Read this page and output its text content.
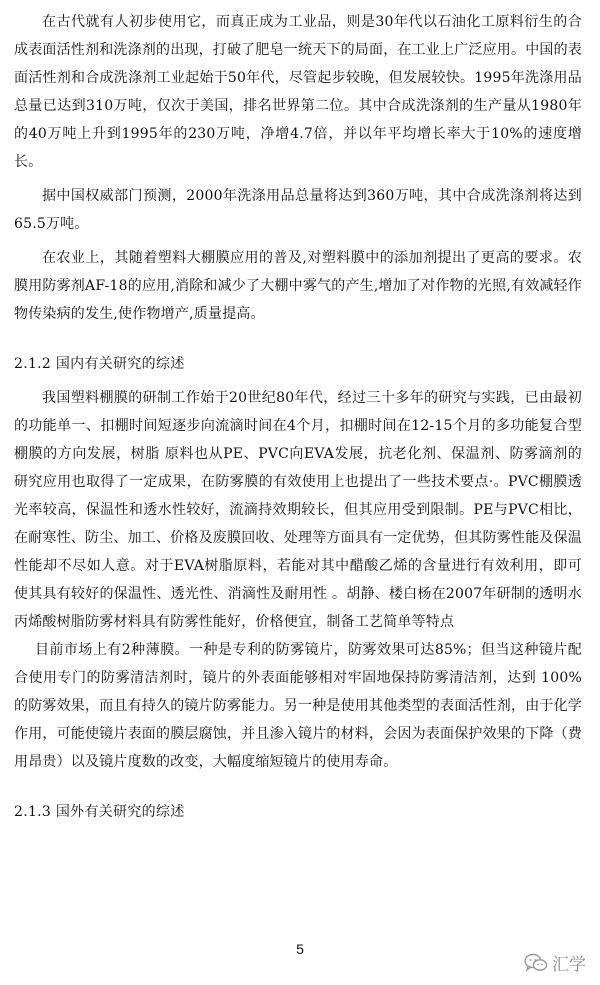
在古代就有人初步使用它，而真正成为工业品，则是30年代以石油化工原料衍生的合成表面活性剂和洗涤剂的出现，打破了肥皂一统天下的局面，在工业上广泛应用。中国的表面活性剂和合成洗涤剂工业起始于50年代，尽管起步较晚，但发展较快。1995年洗涤用品总量已达到310万吨，仅次于美国，排名世界第二位。其中合成洗涤剂的生产量从1980年的40万吨上升到1995年的230万吨，净增4.7倍，并以年平均增长率大于10%的速度增长。

据中国权威部门预测，2000年洗涤用品总量将达到360万吨，其中合成洗涤剂将达到65.5万吨。

在农业上，其随着塑料大棚膜应用的普及,对塑料膜中的添加剂提出了更高的要求。农膜用防雾剂AF-18的应用,消除和减少了大棚中雾气的产生,增加了对作物的光照,有效减轻作物传染病的发生,使作物增产,质量提高。

2.1.2 国内有关研究的综述

我国塑料棚膜的研制工作始于20世纪80年代，经过三十多年的研究与实践，已由最初的功能单一、扣棚时间短逐步向流滴时间在4个月，扣棚时间在12-15个月的多功能复合型棚膜的方向发展，树脂 原料也从PE、PVC向EVA发展，抗老化剂、保温剂、防雾滴剂的研究应用也取得了一定成果，在防雾膜的有效使用上也提出了一些技术要点·。PVC棚膜透光率较高，保温性和透水性较好，流滴持效期较长，但其应用受到限制。PE与PVC相比，在耐寒性、防尘、加工、价格及废膜回收、处理等方面具有一定优势，但其防雾性能及保温性能却不尽如人意。对于EVA树脂原料，若能对其中醋酸乙烯的含量进行有效利用，即可使其具有较好的保温性、透光性、消滴性及耐用性 。胡静、楼白杨在2007年研制的透明水丙烯酸树脂防雾材料具有防雾性能好，价格便宜，制备工艺简单等特点

目前市场上有2种薄膜。一种是专利的防雾镜片，防雾效果可达85%；但当这种镜片配合使用专门的防雾清洁剂时，镜片的外表面能够相对牢固地保持防雾清洁剂，达到 100%的防雾效果，而且有持久的镜片防雾能力。另一种是使用其他类型的表面活性剂，由于化学作用，可能使镜片表面的膜层腐蚀，并且渗入镜片的材料，会因为表面保护效果的下降（费用昂贵）以及镜片度数的改变，大幅度缩短镜片的使用寿命。

2.1.3 国外有关研究的综述

5
汇学
